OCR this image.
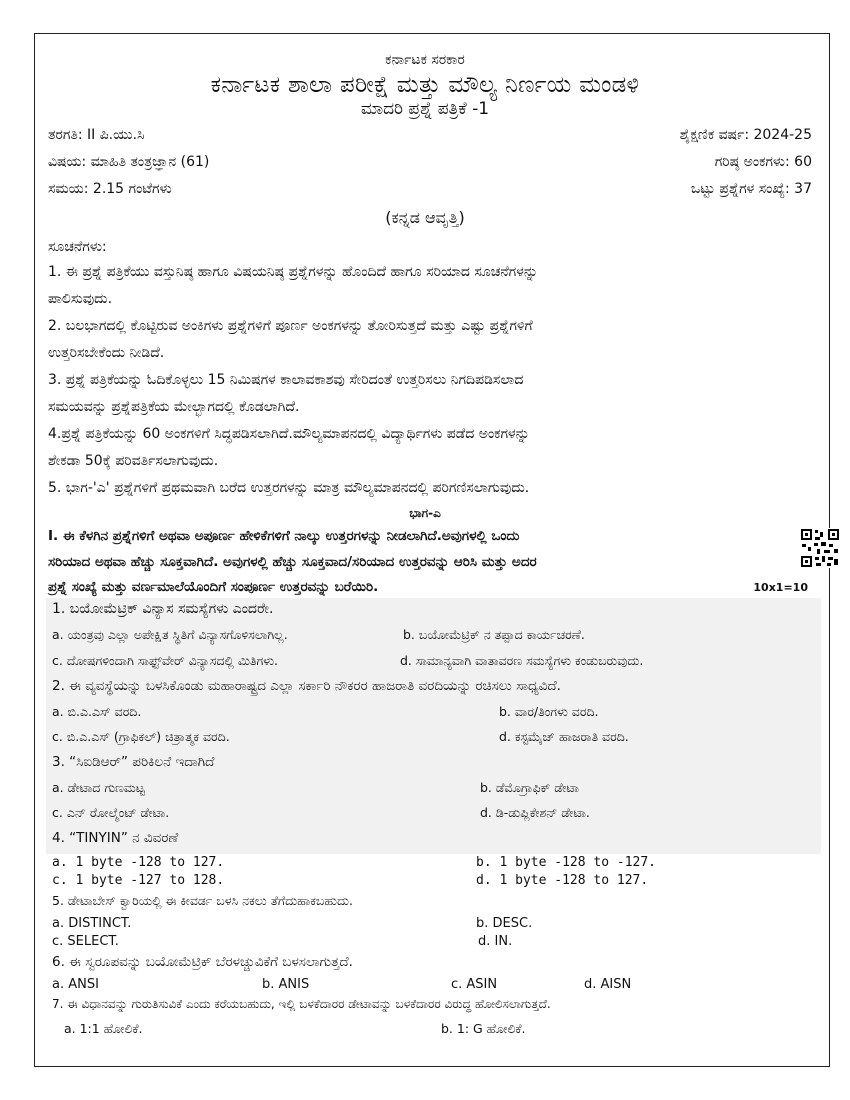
ಕರ್ನಾಟಕ ಸರಕಾರ
ಕರ್ನಾಟಕ ಶಾಲಾ ಪರೀಕ್ಷೆ ಮತ್ತು ಮೌಲ್ಯ ನಿರ್ಣಯ ಮಂಡಳಿ
ಮಾದರಿ ಪ್ರಶ್ನೆ ಪತ್ರಿಕೆ -1
ತರಗತಿ: II ಪಿ.ಯು.ಸಿ	ಶೈಕ್ಷಣಿಕ ವರ್ಷ: 2024-25
ವಿಷಯ: ಮಾಹಿತಿ ತಂತ್ರಜ್ಞಾನ (61)	ಗರಿಷ್ಠ ಅಂಕಗಳು: 60
ಸಮಯ: 2.15 ಗಂಟೆಗಳು	ಒಟ್ಟು ಪ್ರಶ್ನೆಗಳ ಸಂಖ್ಯೆ: 37
(ಕನ್ನಡ ಆವೃತ್ತಿ)
ಸೂಚನೆಗಳು:
1. ಈ ಪ್ರಶ್ನೆ ಪತ್ರಿಕೆಯು ವಸ್ತುನಿಷ್ಠ ಹಾಗೂ ವಿಷಯನಿಷ್ಠ ಪ್ರಶ್ನೆಗಳನ್ನು ಹೊಂದಿದೆ ಹಾಗೂ ಸರಿಯಾದ ಸೂಚನೆಗಳನ್ನು
ಪಾಲಿಸುವುದು.
2. ಬಲಭಾಗದಲ್ಲಿ ಕೊಟ್ಟಿರುವ ಅಂಕಿಗಳು ಪ್ರಶ್ನೆಗಳಿಗೆ ಪೂರ್ಣ ಅಂಕಗಳನ್ನು ತೋರಿಸುತ್ತದೆ ಮತ್ತು ಎಷ್ಟು ಪ್ರಶ್ನೆಗಳಿಗೆ
ಉತ್ತರಿಸಬೇಕೆಂದು ನೀಡಿದೆ.
3. ಪ್ರಶ್ನೆ ಪತ್ರಿಕೆಯನ್ನು ಓದಿಕೊಳ್ಳಲು 15 ನಿಮಿಷಗಳ ಕಾಲಾವಕಾಶವು ಸೇರಿದಂತೆ ಉತ್ತರಿಸಲು ನಿಗದಿಪಡಿಸಲಾದ
ಸಮಯವನ್ನು ಪ್ರಶ್ನೆಪತ್ರಿಕೆಯ ಮೇಲ್ಭಾಗದಲ್ಲಿ ಕೊಡಲಾಗಿದೆ.
4.ಪ್ರಶ್ನೆ ಪತ್ರಿಕೆಯನ್ನು 60 ಅಂಕಗಳಿಗೆ ಸಿದ್ಧಪಡಿಸಲಾಗಿದೆ.ಮೌಲ್ಯಮಾಪನದಲ್ಲಿ ವಿದ್ಯಾರ್ಥಿಗಳು ಪಡೆದ ಅಂಕಗಳನ್ನು
ಶೇಕಡಾ 50ಕ್ಕೆ ಪರಿವರ್ತಿಸಲಾಗುವುದು.
5. ಭಾಗ-'ಎ' ಪ್ರಶ್ನೆಗಳಿಗೆ ಪ್ರಥಮವಾಗಿ ಬರೆದ ಉತ್ತರಗಳನ್ನು ಮಾತ್ರ ಮೌಲ್ಯಮಾಪನದಲ್ಲಿ ಪರಿಗಣಿಸಲಾಗುವುದು.
ಭಾಗ-ಎ
I. ಈ ಕೆಳಗಿನ ಪ್ರಶ್ನೆಗಳಿಗೆ ಅಥವಾ ಅಪೂರ್ಣ ಹೇಳಿಕೆಗಳಿಗೆ ನಾಲ್ಕು ಉತ್ತರಗಳನ್ನು ನೀಡಲಾಗಿದೆ.ಅವುಗಳಲ್ಲಿ ಒಂದು
ಸರಿಯಾದ ಅಥವಾ ಹೆಚ್ಚು ಸೂಕ್ತವಾಗಿದೆ. ಅವುಗಳಲ್ಲಿ ಹೆಚ್ಚು ಸೂಕ್ತವಾದ/ಸರಿಯಾದ ಉತ್ತರವನ್ನು ಆರಿಸಿ ಮತ್ತು ಅದರ
ಪ್ರಶ್ನೆ ಸಂಖ್ಯೆ ಮತ್ತು ವರ್ಣಮಾಲೆಯೊಂದಿಗೆ ಸಂಪೂರ್ಣ ಉತ್ತರವನ್ನು ಬರೆಯಿರಿ.	10x1=10
1. ಬಯೋಮೆಟ್ರಿಕ್ ವಿನ್ಯಾಸ ಸಮಸ್ಯೆಗಳು ಎಂದರೇ.
a. ಯಂತ್ರವು ಎಲ್ಲಾ ಅಪೇಕ್ಷಿತ ಸ್ಥಿತಿಗೆ ವಿನ್ಯಾಸಗೊಳಿಸಲಾಗಿಲ್ಲ.	b. ಬಯೋಮೆಟ್ರಿಕ್ ನ ತಪ್ಪಾದ ಕಾರ್ಯಚರಣೆ.
c. ದೋಷಗಳಿಂದಾಗಿ ಸಾಫ್ಟ್‌ವೇರ್ ವಿನ್ಯಾಸದಲ್ಲಿ ಮಿತಿಗಳು.	d. ಸಾಮಾನ್ಯವಾಗಿ ವಾತಾವರಣ ಸಮಸ್ಯೆಗಳು ಕಂಡುಬರುವುದು.
2. ಈ ವ್ಯವಸ್ಥೆಯನ್ನು ಬಳಸಿಕೊಂಡು ಮಹಾರಾಷ್ಟ್ರದ ಎಲ್ಲಾ ಸರ್ಕಾರಿ ನೌಕರರ ಹಾಜರಾತಿ ವರದಿಯನ್ನು ರಚಿಸಲು ಸಾಧ್ಯವಿದೆ.
a. ಬಿ.ಎ.ಎಸ್ ವರದಿ.	b. ವಾರ/ತಿಂಗಳು ವರದಿ.
c. ಬಿ.ಎ.ಎಸ್ (ಗ್ರಾಫಿಕಲ್) ಚಿತ್ರಾತ್ಮಕ ವರದಿ.	d. ಕಸ್ಟಮೈಜ್ ಹಾಜರಾತಿ ವರದಿ.
3. “ಸಿಐಡಿಆರ್” ಪರಿಕಿಲನೆ ಇದಾಗಿದೆ
a. ಡೇಟಾದ ಗುಣಮಟ್ಟ	b. ಡೆಮೊಗ್ರಾಫಿಕ್ ಡೇಟಾ
c. ಎನ್ ರೋಲ್ಮೆಂಟ್ ಡೇಟಾ.	d. ಡಿ-ಡುಪ್ಲಿಕೇಶನ್ ಡೇಟಾ.
4. “TINYIN” ನ ವಿವರಣೆ
a. 1 byte -128 to 127.	b. 1 byte -128 to -127.
c. 1 byte -127 to 128.	d. 1 byte -128 to 127.
5. ಡೇಟಾಬೇಸ್ ಕ್ವಾರಿಯಲ್ಲಿ ಈ ಕೀವರ್ಡ ಬಳಸಿ ನಕಲು ತೆಗೆದುಹಾಕಬಹುದು.
a. DISTINCT.	b. DESC.
c. SELECT.	d. IN.
6. ಈ ಸ್ವರೂಪವನ್ನು ಬಯೋಮೆಟ್ರಿಕ್ ಬೆರಳಚ್ಚುವಿಕೆಗೆ ಬಳಸಲಾಗುತ್ತದೆ.
a. ANSI	b. ANIS	c. ASIN	d. AISN
7. ಈ ವಿಧಾನವನ್ನು ಗುರುತಿಸುವಿಕೆ ಎಂದು ಕರೆಯಬಹುದು, ಇಲ್ಲಿ ಬಳಕೆದಾರರ ಡೇಟಾವನ್ನು ಬಳಕೆದಾರರ ವಿರುದ್ಧ ಹೋಲಿಸಲಾಗುತ್ತದೆ.
a. 1:1 ಹೋಲಿಕೆ.	b. 1: G ಹೋಲಿಕೆ.
